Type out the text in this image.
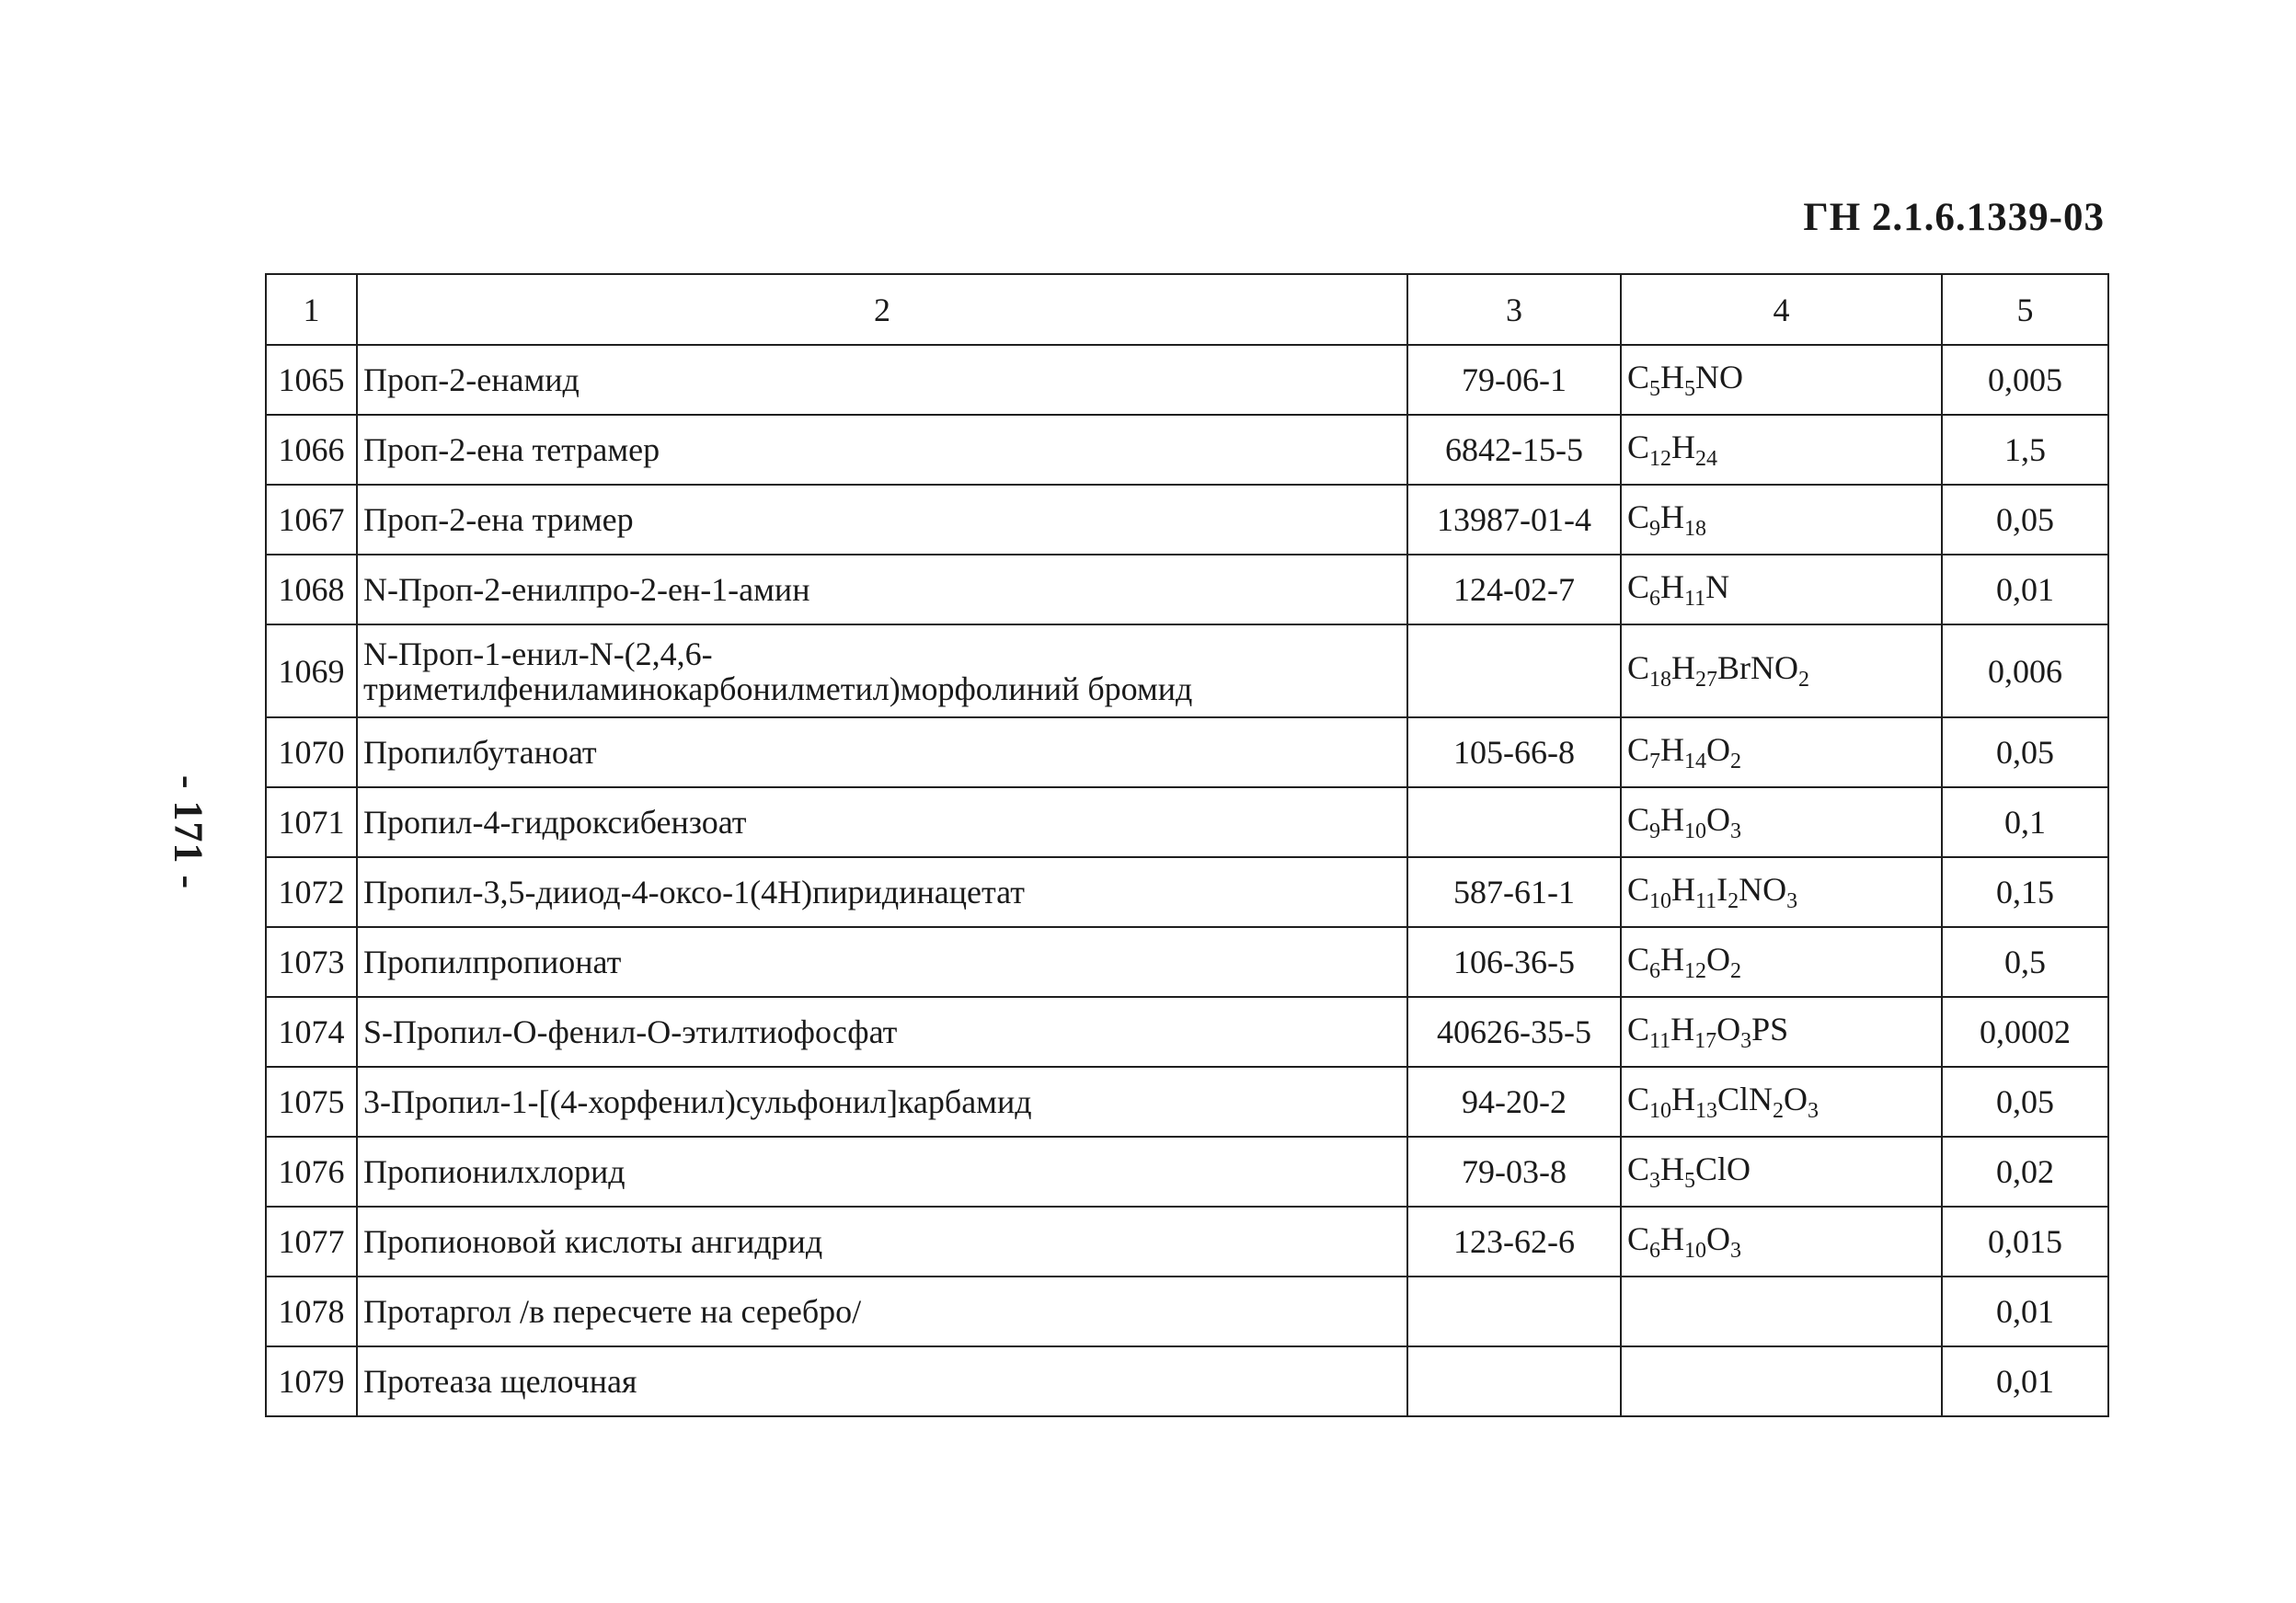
ГН 2.1.6.1339-03
- 171 -
1	2	3	4	5
1065	Проп-2-енамид	79-06-1	$C_5H_5NO$	0,005
1066	Проп-2-ена тетрамер	6842-15-5	$C_{12}H_{24}$	1,5
1067	Проп-2-ена тример	13987-01-4	$C_9H_{18}$	0,05
1068	N-Проп-2-енилпро-2-ен-1-амин	124-02-7	$C_6H_{11}N$	0,01
1069	N-Проп-1-енил-N-(2,4,6-триметилфениламинокарбонилметил)морфолиний бромид		$C_{18}H_{27}BrNO_2$	0,006
1070	Пропилбутаноат	105-66-8	$C_7H_{14}O_2$	0,05
1071	Пропил-4-гидроксибензоат		$C_9H_{10}O_3$	0,1
1072	Пропил-3,5-дииод-4-оксо-1(4H)пиридинацетат	587-61-1	$C_{10}H_{11}I_2NO_3$	0,15
1073	Пропилпропионат	106-36-5	$C_6H_{12}O_2$	0,5
1074	S-Пропил-О-фенил-О-этилтиофосфат	40626-35-5	$C_{11}H_{17}O_3PS$	0,0002
1075	3-Пропил-1-[(4-хорфенил)сульфонил]карбамид	94-20-2	$C_{10}H_{13}ClN_2O_3$	0,05
1076	Пропионилхлорид	79-03-8	$C_3H_5ClO$	0,02
1077	Пропионовой кислоты ангидрид	123-62-6	$C_6H_{10}O_3$	0,015
1078	Протаргол /в пересчете на серебро/			0,01
1079	Протеаза щелочная			0,01
